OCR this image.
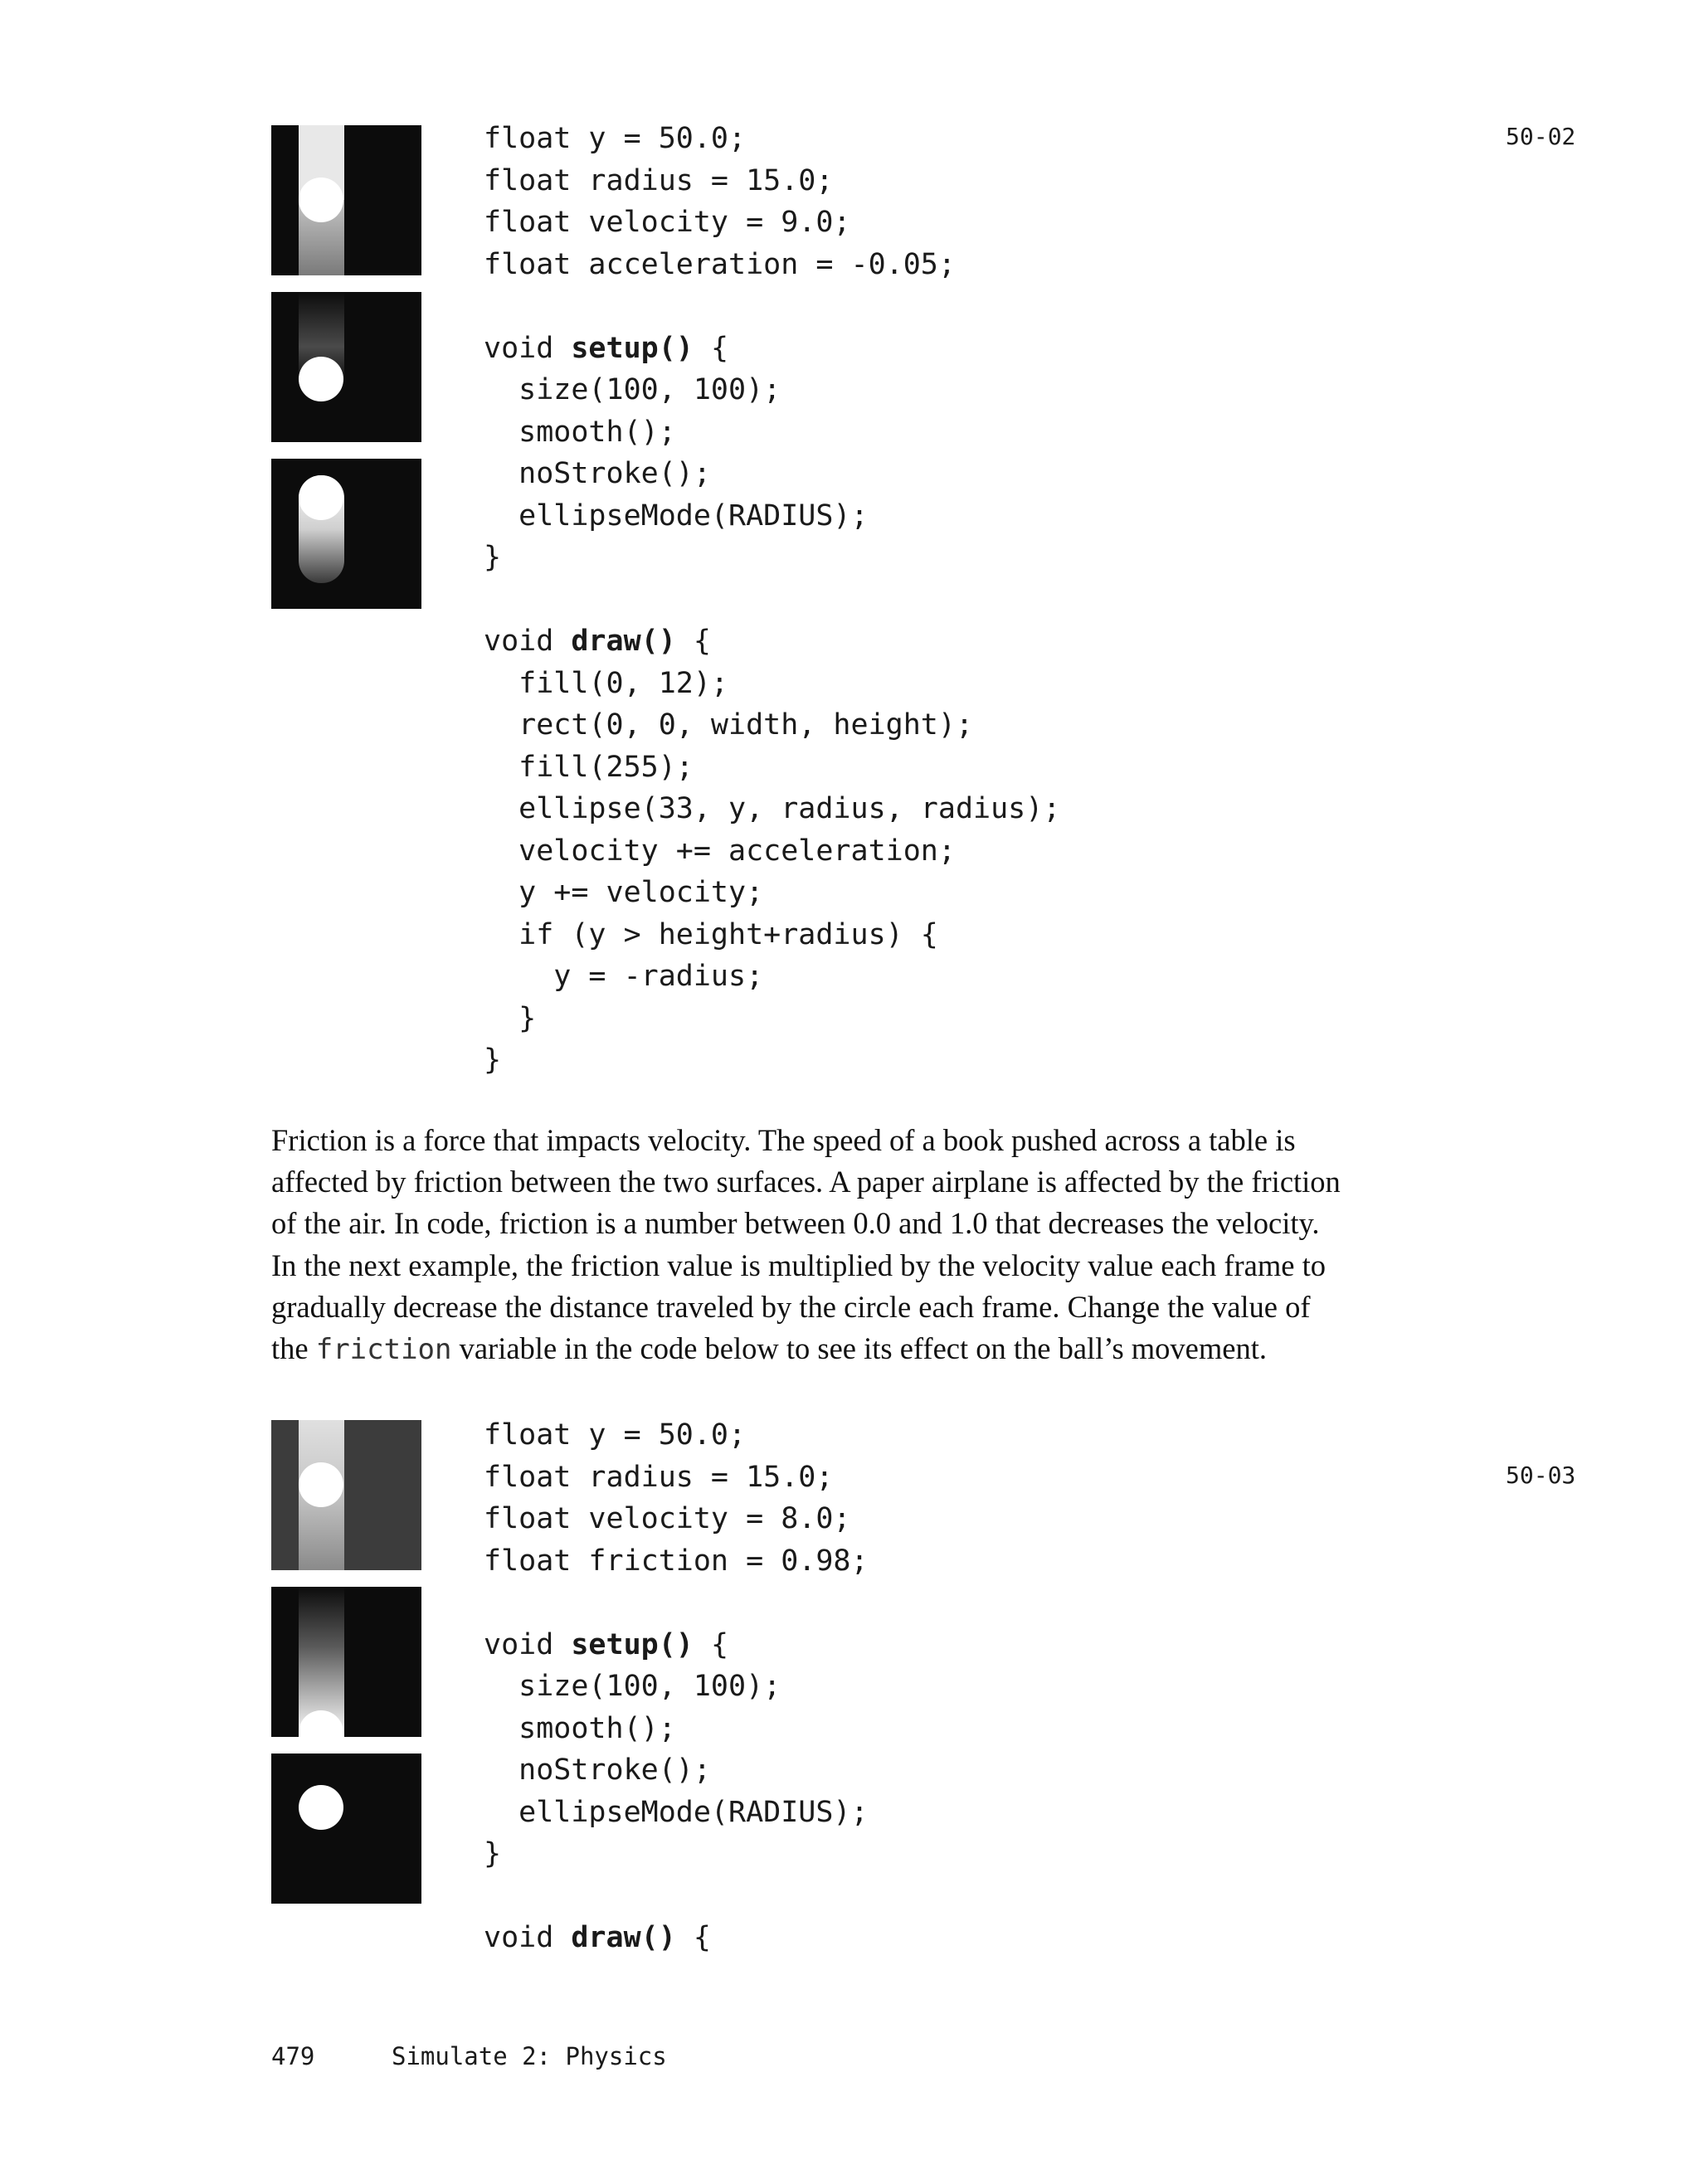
50-02
float y = 50.0;
float radius = 15.0;
float velocity = 9.0;
float acceleration = -0.05;
void setup() {
size(100, 100);
smooth();
noStroke();
ellipseMode(RADIUS);
}
void draw() {
fill(0, 12);
rect(0, 0, width, height);
fill(255);
ellipse(33, y, radius, radius);
velocity += acceleration;
y += velocity;
if (y > height+radius) {
y = -radius;
}
}
Friction is a force that impacts velocity. The speed of a book pushed across a table is
affected by friction between the two surfaces. A paper airplane is affected by the friction
of the air. In code, friction is a number between 0.0 and 1.0 that decreases the velocity.
In the next example, the friction value is multiplied by the velocity value each frame to
gradually decrease the distance traveled by the circle each frame. Change the value of
the friction variable in the code below to see its effect on the ball’s movement.
50-03
float y = 50.0;
float radius = 15.0;
float velocity = 8.0;
float friction = 0.98;
void setup() {
size(100, 100);
smooth();
noStroke();
ellipseMode(RADIUS);
}
void draw() {
479	Simulate 2: Physics
